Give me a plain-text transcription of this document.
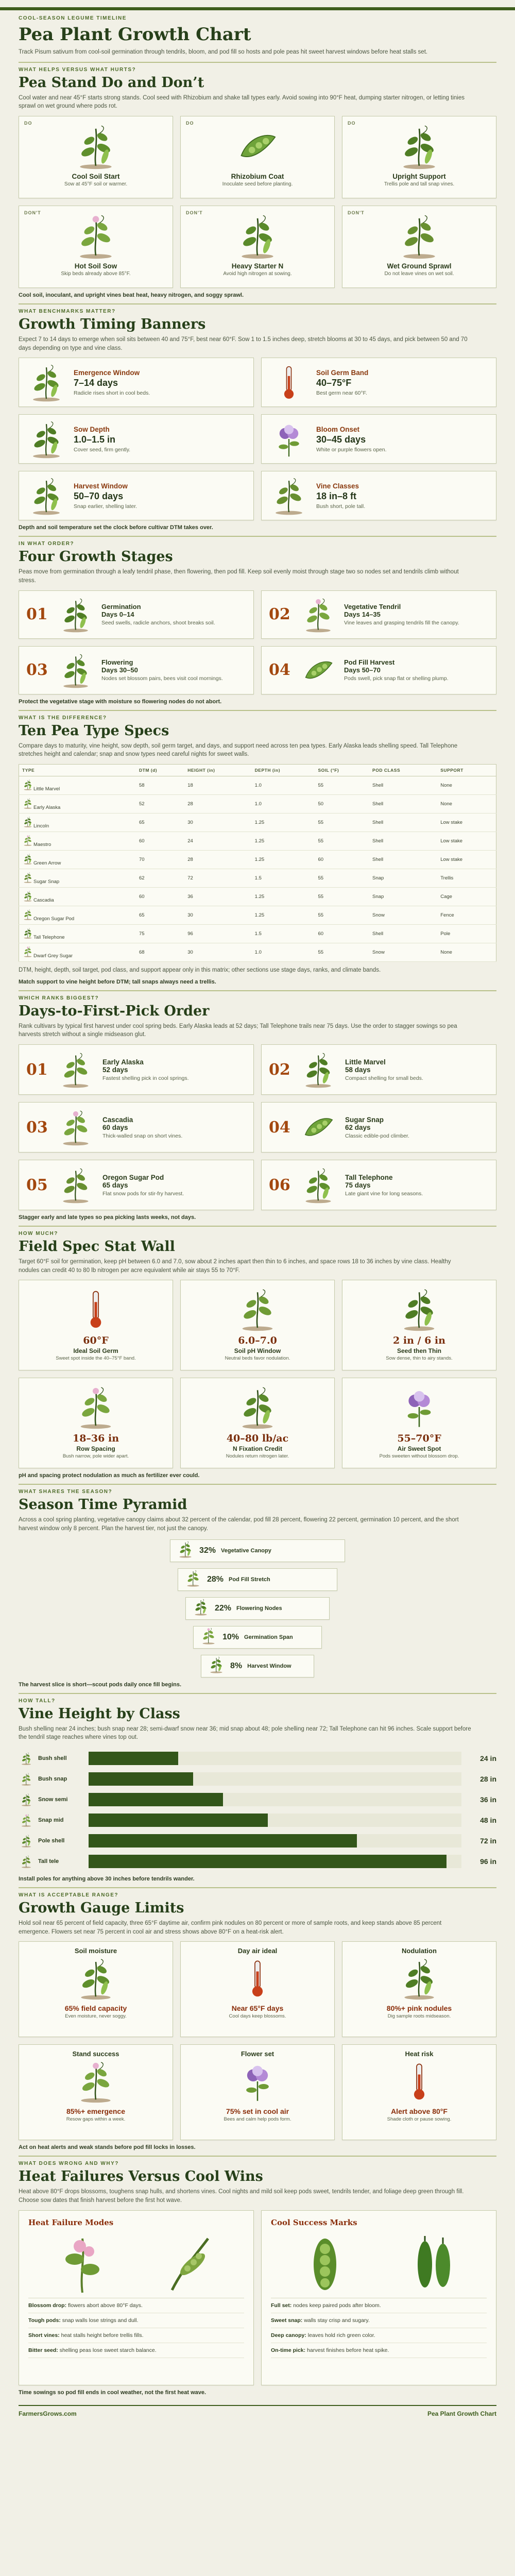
COOL-SEASON LEGUME TIMELINE
Pea Plant Growth Chart
Track Pisum sativum from cool-soil germination through tendrils, bloom, and pod fill so hosts and pole peas hit sweet harvest windows before heat stalls set.
WHAT HELPS VERSUS WHAT HURTS?
Pea Stand Do and Don’t
Cool water and near 45°F starts strong stands. Cool seed with Rhizobium and shake tall types early. Avoid sowing into 90°F heat, dumping starter nitrogen, or letting tinies sprawl on wet ground where pods rot.
DO
Cool Soil Start
Sow at 45°F soil or warmer.
DO
Rhizobium Coat
Inoculate seed before planting.
DO
Upright Support
Trellis pole and tall snap vines.
DON'T
Hot Soil Sow
Skip beds already above 85°F.
DON'T
Heavy Starter N
Avoid high nitrogen at sowing.
DON'T
Wet Ground Sprawl
Do not leave vines on wet soil.
Cool soil, inoculant, and upright vines beat heat, heavy nitrogen, and soggy sprawl.
WHAT BENCHMARKS MATTER?
Growth Timing Banners
Expect 7 to 14 days to emerge when soil sits between 40 and 75°F, best near 60°F. Sow 1 to 1.5 inches deep, stretch blooms at 30 to 45 days, and pick between 50 and 70 days depending on type and vine class.
Emergence Window
7–14 days
Radicle rises short in cool beds.
Soil Germ Band
40–75°F
Best germ near 60°F.
Sow Depth
1.0–1.5 in
Cover seed, firm gently.
Bloom Onset
30–45 days
White or purple flowers open.
Harvest Window
50–70 days
Snap earlier, shelling later.
Vine Classes
18 in–8 ft
Bush short, pole tall.
Depth and soil temperature set the clock before cultivar DTM takes over.
IN WHAT ORDER?
Four Growth Stages
Peas move from germination through a leafy tendril phase, then flowering, then pod fill. Keep soil evenly moist through stage two so nodes set and tendrils climb without stress.
01	Germination
Days 0–14
Seed swells, radicle anchors, shoot breaks soil.	02	Vegetative Tendril
Days 14–35
Vine leaves and grasping tendrils fill the canopy.
03	Flowering
Days 30–50
Nodes set blossom pairs, bees visit cool mornings.	04	Pod Fill Harvest
Days 50–70
Pods swell, pick snap flat or shelling plump.
Protect the vegetative stage with moisture so flowering nodes do not abort.
WHAT IS THE DIFFERENCE?
Ten Pea Type Specs
Compare days to maturity, vine height, sow depth, soil germ target, and days, and support need across ten pea types. Early Alaska leads shelling speed. Tall Telephone stretches height and calendar; snap and snow types need careful nights for sweet walls.
TYPE	DTM (d)	HEIGHT (in)	DEPTH (in)	SOIL (°F)	POD CLASS	SUPPORT

Little Marvel	58	18	1.0	55	Shell	None

Early Alaska	52	28	1.0	50	Shell	None

Lincoln	65	30	1.25	55	Shell	Low stake

Maestro	60	24	1.25	55	Shell	Low stake

Green Arrow	70	28	1.25	60	Shell	Low stake

Sugar Snap	62	72	1.5	55	Snap	Trellis

Cascadia	60	36	1.25	55	Snap	Cage

Oregon Sugar Pod	65	30	1.25	55	Snow	Fence

Tall Telephone	75	96	1.5	60	Shell	Pole

Dwarf Grey Sugar	68	30	1.0	55	Snow	None
DTM, height, depth, soil target, pod class, and support appear only in this matrix; other sections use stage days, ranks, and climate bands.
Match support to vine height before DTM; tall snaps always need a trellis.
WHICH RANKS BIGGEST?
Days-to-First-Pick Order
Rank cultivars by typical first harvest under cool spring beds. Early Alaska leads at 52 days; Tall Telephone trails near 75 days. Use the order to stagger sowings so pea harvests stretch without a single midseason glut.
01	Early Alaska
52 days
Fastest shelling pick in cool springs.	02	Little Marvel
58 days
Compact shelling for small beds.
03	Cascadia
60 days
Thick-walled snap on short vines.	04	Sugar Snap
62 days
Classic edible-pod climber.
05	Oregon Sugar Pod
65 days
Flat snow pods for stir-fry harvest.	06	Tall Telephone
75 days
Late giant vine for long seasons.
Stagger early and late types so pea picking lasts weeks, not days.
HOW MUCH?
Field Spec Stat Wall
Target 60°F soil for germination, keep pH between 6.0 and 7.0, sow about 2 inches apart then thin to 6 inches, and space rows 18 to 36 inches by vine class. Healthy nodules can credit 40 to 80 lb nitrogen per acre equivalent while air stays 55 to 70°F.
60°F
Ideal Soil Germ
Sweet spot inside the 40–75°F band.
6.0–7.0
Soil pH Window
Neutral beds favor nodulation.
2 in / 6 in
Seed then Thin
Sow dense, thin to airy stands.
18–36 in
Row Spacing
Bush narrow, pole wider apart.
40–80 lb/ac
N Fixation Credit
Nodules return nitrogen later.
55–70°F
Air Sweet Spot
Pods sweeten without blossom drop.
pH and spacing protect nodulation as much as fertilizer ever could.
WHAT SHARES THE SEASON?
Season Time Pyramid
Across a cool spring planting, vegetative canopy claims about 32 percent of the calendar, pod fill 28 percent, flowering 22 percent, germination 10 percent, and the short harvest window only 8 percent. Plan the harvest tier, not just the canopy.
32% Vegetative Canopy
28% Pod Fill Stretch
22% Flowering Nodes
10% Germination Span
8% Harvest Window
The harvest slice is short—scout pods daily once fill begins.
HOW TALL?
Vine Height by Class
Bush shelling near 24 inches; bush snap near 28; semi-dwarf snow near 36; mid snap about 48; pole shelling near 72; Tall Telephone can hit 96 inches. Scale support before the tendril stage reaches where vines top out.
Bush shell	24 in
Bush snap	28 in
Snow semi	36 in
Snap mid	48 in
Pole shell	72 in
Tall tele	96 in
Install poles for anything above 30 inches before tendrils wander.
WHAT IS ACCEPTABLE RANGE?
Growth Gauge Limits
Hold soil near 65 percent of field capacity, three 65°F daytime air, confirm pink nodules on 80 percent or more of sample roots, and keep stands above 85 percent emergence. Flowers set near 75 percent in cool air and stress shows above 80°F on a heat-risk alert.
Soil moisture
65% field capacity
Even moisture, never soggy.
Day air ideal
Near 65°F days
Cool days keep blossoms.
Nodulation
80%+ pink nodules
Dig sample roots midseason.
Stand success
85%+ emergence
Resow gaps within a week.
Flower set
75% set in cool air
Bees and calm help pods form.
Heat risk
Alert above 80°F
Shade cloth or pause sowing.
Act on heat alerts and weak stands before pod fill locks in losses.
WHAT DOES WRONG AND WHY?
Heat Failures Versus Cool Wins
Heat above 80°F drops blossoms, toughens snap hulls, and shortens vines. Cool nights and mild soil keep pods sweet, tendrils tender, and foliage deep green through fill. Choose sow dates that finish harvest before the first hot wave.
Heat Failure Modes
Blossom drop: flowers abort above 80°F days.
Tough pods: snap walls lose strings and dull.
Short vines: heat stalls height before trellis fills.
Bitter seed: shelling peas lose sweet starch balance.
Cool Success Marks
Full set: nodes keep paired pods after bloom.
Sweet snap: walls stay crisp and sugary.
Deep canopy: leaves hold rich green color.
On-time pick: harvest finishes before heat spike.
Time sowings so pod fill ends in cool weather, not the first heat wave.
FarmersGrows.com	Pea Plant Growth Chart
